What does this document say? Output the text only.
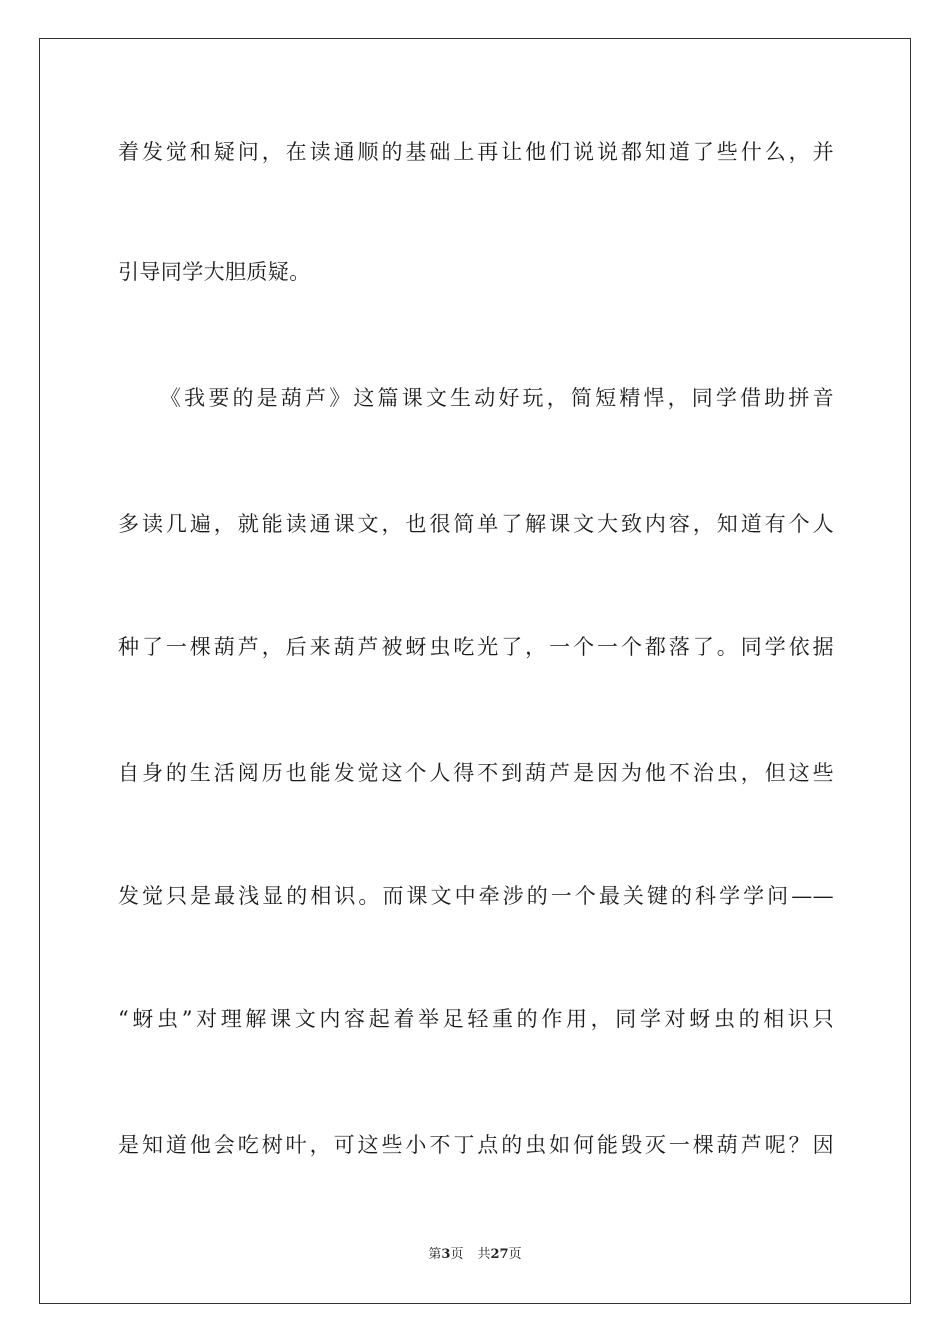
着发觉和疑问，在读通顺的基础上再让他们说说都知道了些什么，并
引导同学大胆质疑。
《我要的是葫芦》这篇课文生动好玩，简短精悍，同学借助拼音
多读几遍，就能读通课文，也很简单了解课文大致内容，知道有个人
种了一棵葫芦，后来葫芦被蚜虫吃光了，一个一个都落了。同学依据
自身的生活阅历也能发觉这个人得不到葫芦是因为他不治虫，但这些
发觉只是最浅显的相识。而课文中牵涉的一个最关键的科学学问——
“蚜虫”对理解课文内容起着举足轻重的作用，同学对蚜虫的相识只
是知道他会吃树叶，可这些小不丁点的虫如何能毁灭一棵葫芦呢？因
第3页 共27页
